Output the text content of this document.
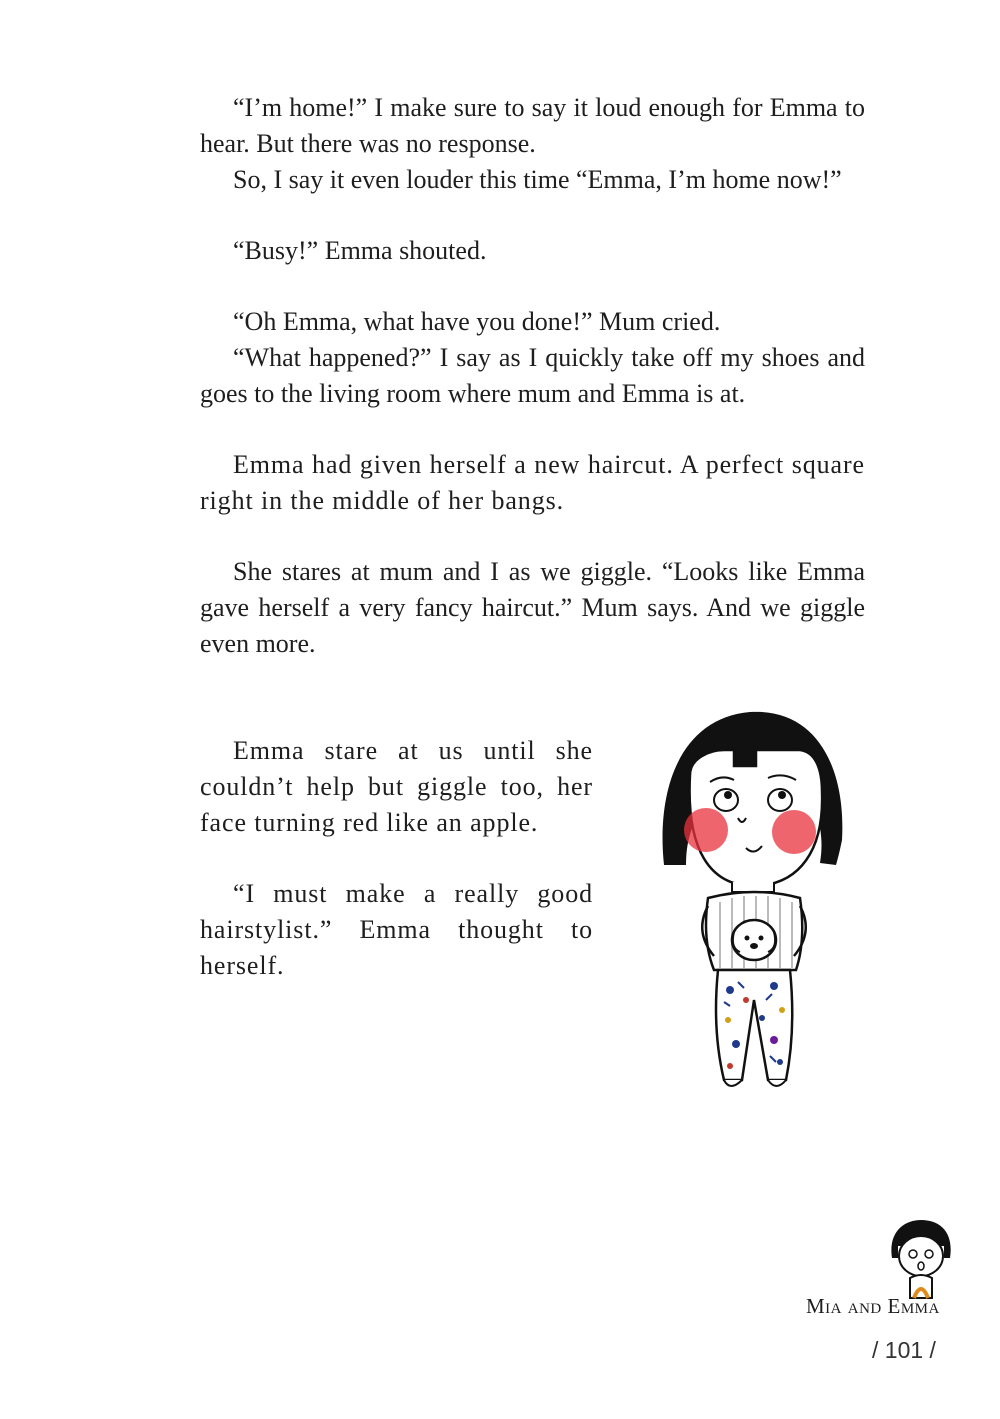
“I’m home!” I make sure to say it loud enough for Emma to hear. But there was no response.

So, I say it even louder this time “Emma, I’m home now!”

“Busy!” Emma shouted.

“Oh Emma, what have you done!” Mum cried.

“What happened?” I say as I quickly take off my shoes and goes to the living room where mum and Emma is at.

Emma had given herself a new haircut. A perfect square right in the middle of her bangs.

She stares at mum and I as we giggle. “Looks like Emma gave herself a very fancy haircut.” Mum says. And we giggle even more.

Emma stare at us until she couldn’t help but giggle too, her face turning red like an apple.

“I must make a really good hairstylist.” Emma thought to herself.

Mia and Emma
/ 101 /
